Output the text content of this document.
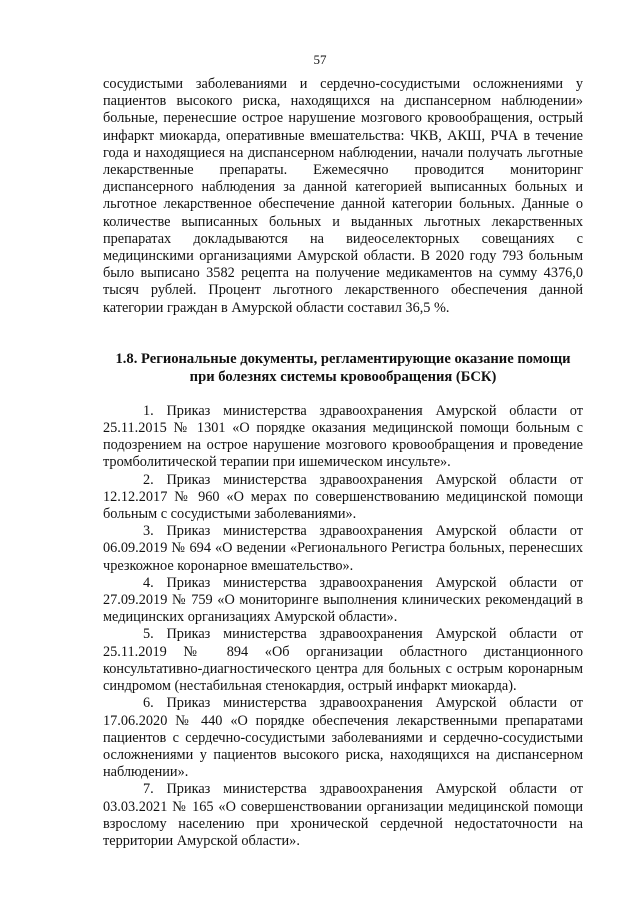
57

сосудистыми заболеваниями и сердечно-сосудистыми осложнениями у пациентов высокого риска, находящихся на диспансерном наблюдении» больные, перенесшие острое нарушение мозгового кровообращения, острый инфаркт миокарда, оперативные вмешательства: ЧКВ, АКШ, РЧА в течение года и находящиеся на диспансерном наблюдении, начали получать льготные лекарственные препараты. Ежемесячно проводится мониторинг диспансерного наблюдения за данной категорией выписанных больных и льготное лекарственное обеспечение данной категории больных. Данные о количестве выписанных больных и выданных льготных лекарственных препаратах докладываются на видеоселекторных совещаниях с медицинскими организациями Амурской области. В 2020 году 793 больным было выписано 3582 рецепта на получение медикаментов на сумму 4376,0 тысяч рублей. Процент льготного лекарственного обеспечения данной категории граждан в Амурской области составил 36,5 %.

1.8. Региональные документы, регламентирующие оказание помощи
при болезнях системы кровообращения (БСК)

1. Приказ министерства здравоохранения Амурской области от 25.11.2015 № 1301 «О порядке оказания медицинской помощи больным с подозрением на острое нарушение мозгового кровообращения и проведение тромболитической терапии при ишемическом инсульте».

2. Приказ министерства здравоохранения Амурской области от 12.12.2017 № 960 «О мерах по совершенствованию медицинской помощи больным с сосудистыми заболеваниями».

3. Приказ министерства здравоохранения Амурской области от 06.09.2019 № 694 «О ведении «Регионального Регистра больных, перенесших чрезкожное коронарное вмешательство».

4. Приказ министерства здравоохранения Амурской области от 27.09.2019 № 759 «О мониторинге выполнения клинических рекомендаций в медицинских организациях Амурской области».

5. Приказ министерства здравоохранения Амурской области от 25.11.2019 № 894 «Об организации областного дистанционного консультативно-диагностического центра для больных с острым коронарным синдромом (нестабильная стенокардия, острый инфаркт миокарда).

6. Приказ министерства здравоохранения Амурской области от 17.06.2020 № 440 «О порядке обеспечения лекарственными препаратами пациентов с сердечно-сосудистыми заболеваниями и сердечно-сосудистыми осложнениями у пациентов высокого риска, находящихся на диспансерном наблюдении».

7. Приказ министерства здравоохранения Амурской области от 03.03.2021 № 165 «О совершенствовании организации медицинской помощи взрослому населению при хронической сердечной недостаточности на территории Амурской области».
